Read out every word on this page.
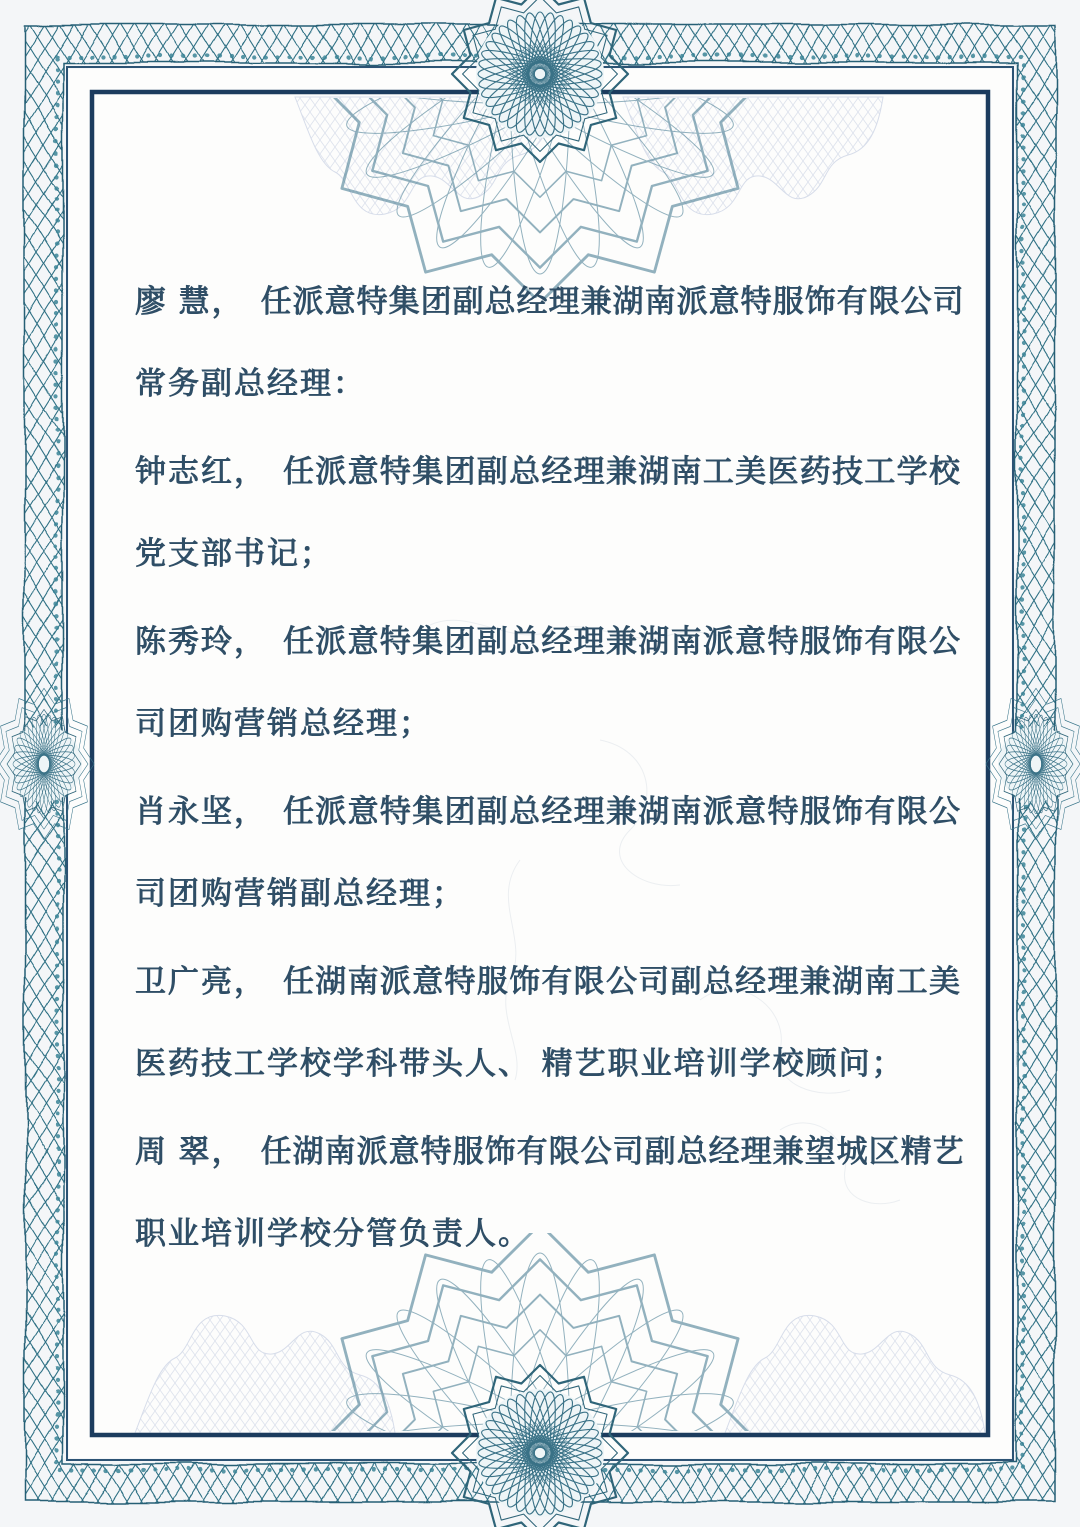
廖 慧， 任 派 意 特 集 团 副 总 经 理 兼 湖 南 派 意 特 服 饰 有 限 公 司
常务副总经理：
钟志红， 任 派 意 特 集 团 副 总 经 理 兼 湖 南 工 美 医 药 技 工 学 校
党支部书记；
陈秀玲， 任 派 意 特 集 团 副 总 经 理 兼 湖 南 派 意 特 服 饰 有 限 公
司团购营销总经理；
肖永坚， 任 派 意 特 集 团 副 总 经 理 兼 湖 南 派 意 特 服 饰 有 限 公
司团购营销副总经理；
卫广亮， 任 湖 南 派 意 特 服 饰 有 限 公 司 副 总 经 理 兼 湖 南 工 美
医药技工学校学科带头人、 精艺职业培训学校顾问；
周 翠， 任 湖 南 派 意 特 服 饰 有 限 公 司 副 总 经 理 兼 望 城 区 精 艺
职业培训学校分管负责人。
